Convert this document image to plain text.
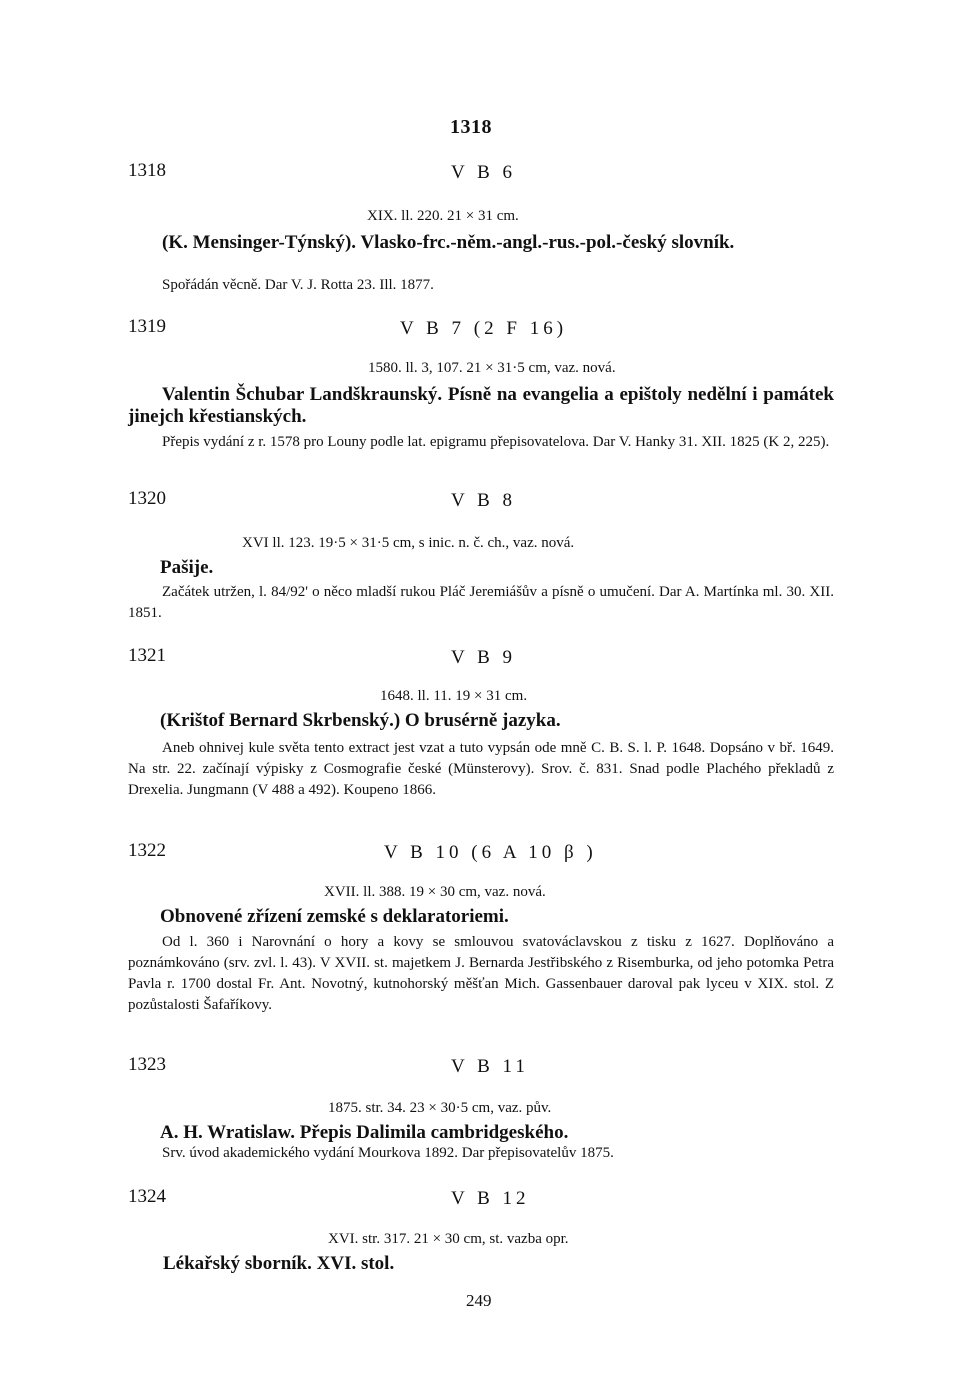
1318
1318	V B 6
XIX. ll. 220. 21 × 31 cm.
(K. Mensinger-Týnský). Vlasko-frc.-něm.-angl.-rus.-pol.-český slovník.
Spořádán věcně. Dar V. J. Rotta 23. Ill. 1877.
1319	V B 7 (2 F 16)
1580. ll. 3, 107. 21 × 31·5 cm, vaz. nová.
Valentin Šchubar Landškraunský. Písně na evangelia a epištoly nedělní i památek jinejch křestianských.
Přepis vydání z r. 1578 pro Louny podle lat. epigramu přepisovatelova. Dar V. Hanky 31. XII. 1825 (K 2, 225).
1320	V B 8
XVI ll. 123. 19·5 × 31·5 cm, s inic. n. č. ch., vaz. nová.
Pašije.
Začátek utržen, l. 84/92' o něco mladší rukou Pláč Jeremiášův a písně o umučení. Dar A. Martínka ml. 30. XII. 1851.
1321	V B 9
1648. ll. 11. 19 × 31 cm.
(Krištof Bernard Skrbenský.) O brusérně jazyka.
Aneb ohnivej kule světa tento extract jest vzat a tuto vypsán ode mně C. B. S. l. P. 1648. Dopsáno v bř. 1649. Na str. 22. začínají výpisky z Cosmografie české (Münsterovy). Srov. č. 831. Snad podle Plachého překladů z Drexelia. Jungmann (V 488 a 492). Koupeno 1866.
1322	V B 10 (6 A 10 β )
XVII. ll. 388. 19 × 30 cm, vaz. nová.
Obnovené zřízení zemské s deklaratoriemi.
Od l. 360 i Narovnání o hory a kovy se smlouvou svatováclavskou z tisku z 1627. Doplňováno a poznámkováno (srv. zvl. l. 43). V XVII. st. majetkem J. Bernarda Jestřibského z Risemburka, od jeho potomka Petra Pavla r. 1700 dostal Fr. Ant. Novotný, kutnohorský měšťan Mich. Gassenbauer daroval pak lyceu v XIX. stol. Z pozůstalosti Šafaříkovy.
1323	V B 11
1875. str. 34. 23 × 30·5 cm, vaz. pův.
A. H. Wratislaw. Přepis Dalimila cambridgeského.
Srv. úvod akademického vydání Mourkova 1892. Dar přepisovatelův 1875.
1324	V B 12
XVI. str. 317. 21 × 30 cm, st. vazba opr.
Lékařský sborník. XVI. stol.
249
